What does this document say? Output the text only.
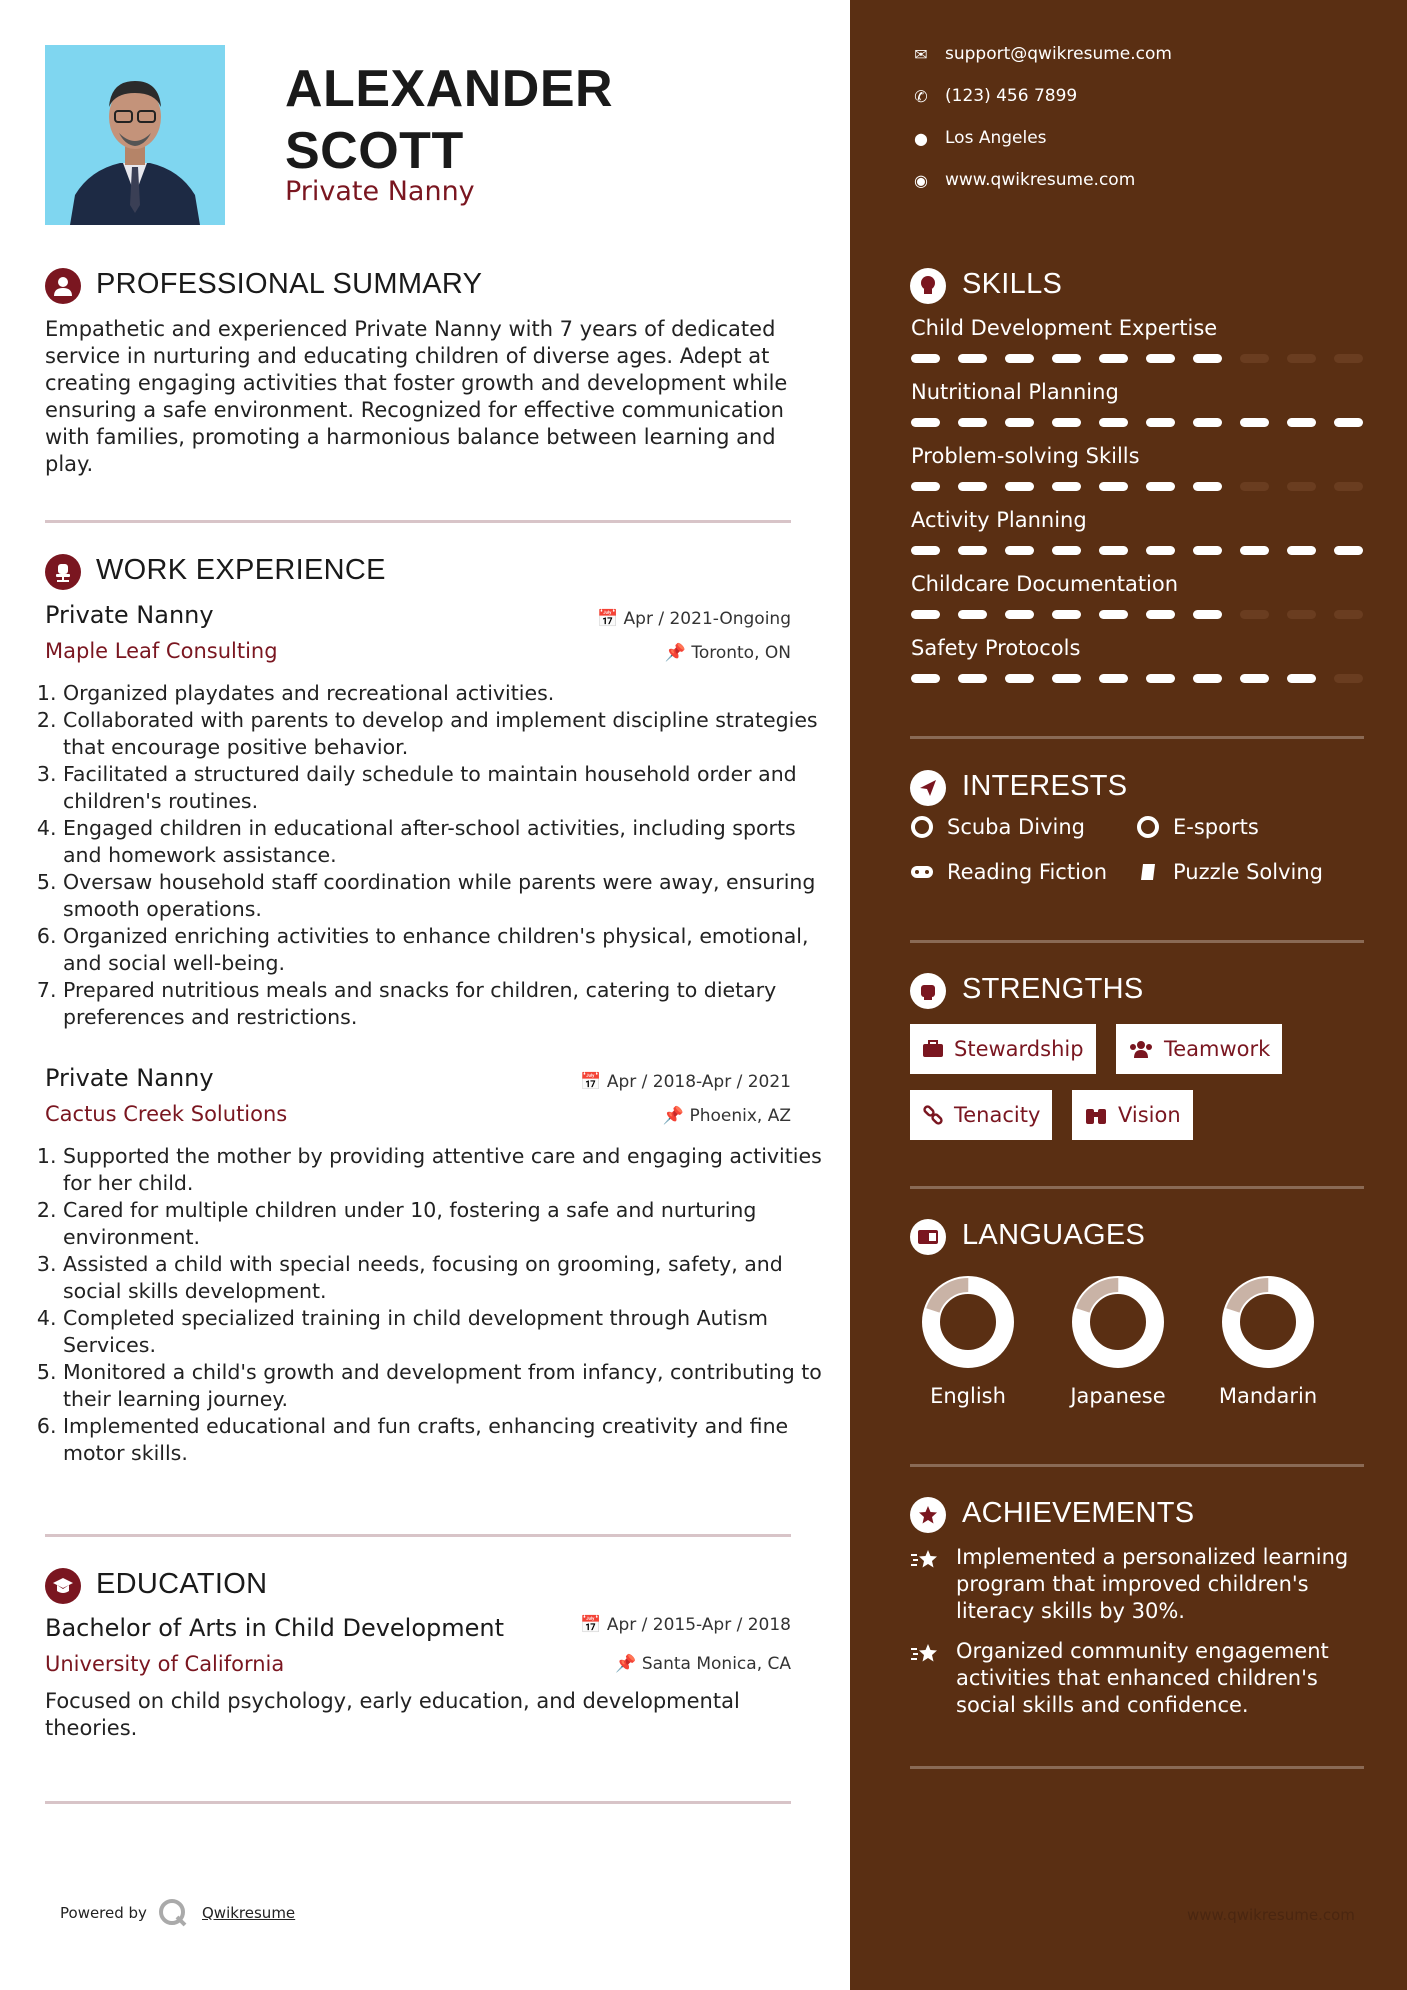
ALEXANDER
SCOTT
Private Nanny
PROFESSIONAL SUMMARY
Empathetic and experienced Private Nanny with 7 years of dedicated service in nurturing and educating children of diverse ages. Adept at creating engaging activities that foster growth and development while ensuring a safe environment. Recognized for effective communication with families, promoting a harmonious balance between learning and play.
WORK EXPERIENCE
Private Nanny	📅 Apr / 2021-Ongoing
Maple Leaf Consulting	📌 Toronto, ON
1. Organized playdates and recreational activities.
2. Collaborated with parents to develop and implement discipline strategies that encourage positive behavior.
3. Facilitated a structured daily schedule to maintain household order and children's routines.
4. Engaged children in educational after-school activities, including sports and homework assistance.
5. Oversaw household staff coordination while parents were away, ensuring smooth operations.
6. Organized enriching activities to enhance children's physical, emotional, and social well-being.
7. Prepared nutritious meals and snacks for children, catering to dietary preferences and restrictions.
Private Nanny	📅 Apr / 2018-Apr / 2021
Cactus Creek Solutions	📌 Phoenix, AZ
1. Supported the mother by providing attentive care and engaging activities for her child.
2. Cared for multiple children under 10, fostering a safe and nurturing environment.
3. Assisted a child with special needs, focusing on grooming, safety, and social skills development.
4. Completed specialized training in child development through Autism Services.
5. Monitored a child's growth and development from infancy, contributing to their learning journey.
6. Implemented educational and fun crafts, enhancing creativity and fine motor skills.
EDUCATION
Bachelor of Arts in Child Development	📅 Apr / 2015-Apr / 2018
University of California	📌 Santa Monica, CA
Focused on child psychology, early education, and developmental theories.
Powered by	Qwikresume
✉	support@qwikresume.com
✆	(123) 456 7899
●	Los Angeles
◉	www.qwikresume.com
SKILLS
Child Development Expertise
Nutritional Planning
Problem-solving Skills
Activity Planning
Childcare Documentation
Safety Protocols
INTERESTS
Scuba Diving	E-sports
Reading Fiction	Puzzle Solving
STRENGTHS
Stewardship	Teamwork
Tenacity	Vision
LANGUAGES
English	Japanese	Mandarin
ACHIEVEMENTS
Implemented a personalized learning program that improved children's literacy skills by 30%.
Organized community engagement activities that enhanced children's social skills and confidence.
www.qwikresume.com
